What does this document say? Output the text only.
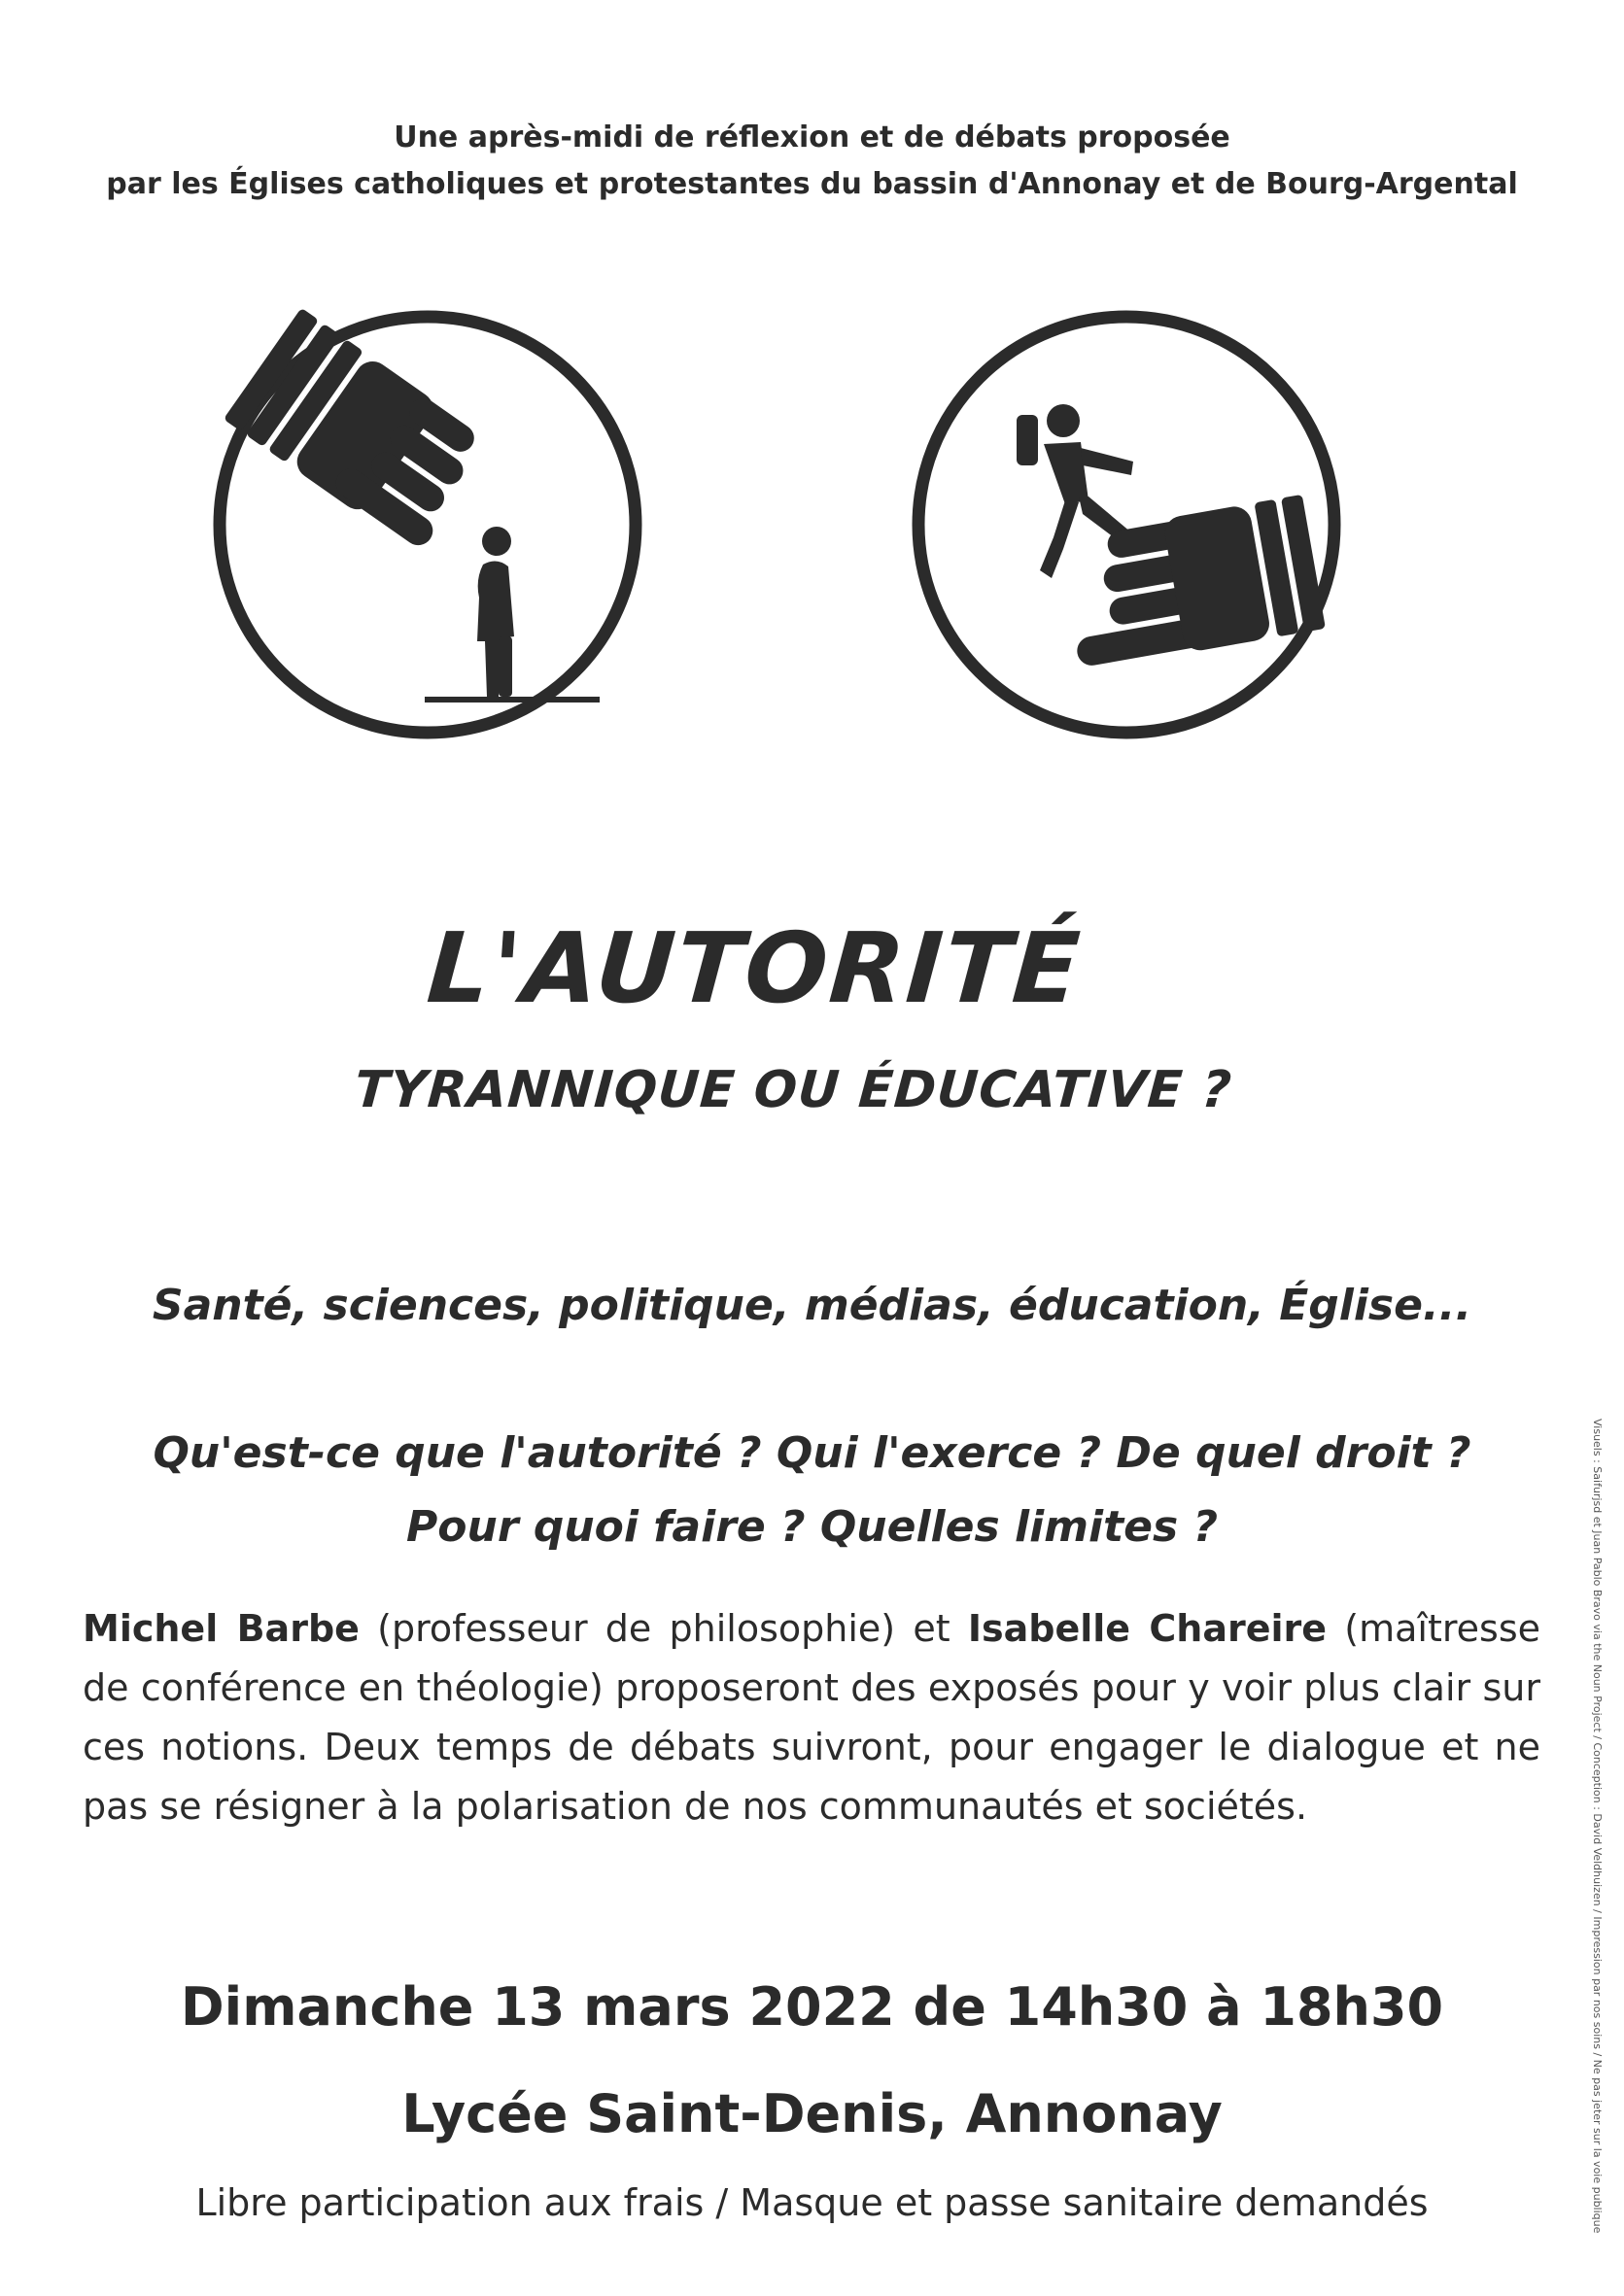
Une après-midi de réflexion et de débats proposée
par les Églises catholiques et protestantes du bassin d'Annonay et de Bourg-Argental
L'AUTORITÉ
TYRANNIQUE OU ÉDUCATIVE ?
Santé, sciences, politique, médias, éducation, Église...
Qu'est-ce que l'autorité ? Qui l'exerce ? De quel droit ?
Pour quoi faire ? Quelles limites ?
Michel Barbe (professeur de philosophie) et Isabelle Chareire (maîtresse de conférence en théologie) proposeront des exposés pour y voir plus clair sur ces notions. Deux temps de débats suivront, pour engager le dialogue et ne pas se résigner à la polarisation de nos communautés et sociétés.
Dimanche 13 mars 2022 de 14h30 à 18h30
Lycée Saint-Denis, Annonay
Libre participation aux frais / Masque et passe sanitaire demandés	Visuels : Saifurjsd et Juan Pablo Bravo via the Noun Project / Conception : David Veldhuizen / Impression par nos soins / Ne pas jeter sur la voie publique
